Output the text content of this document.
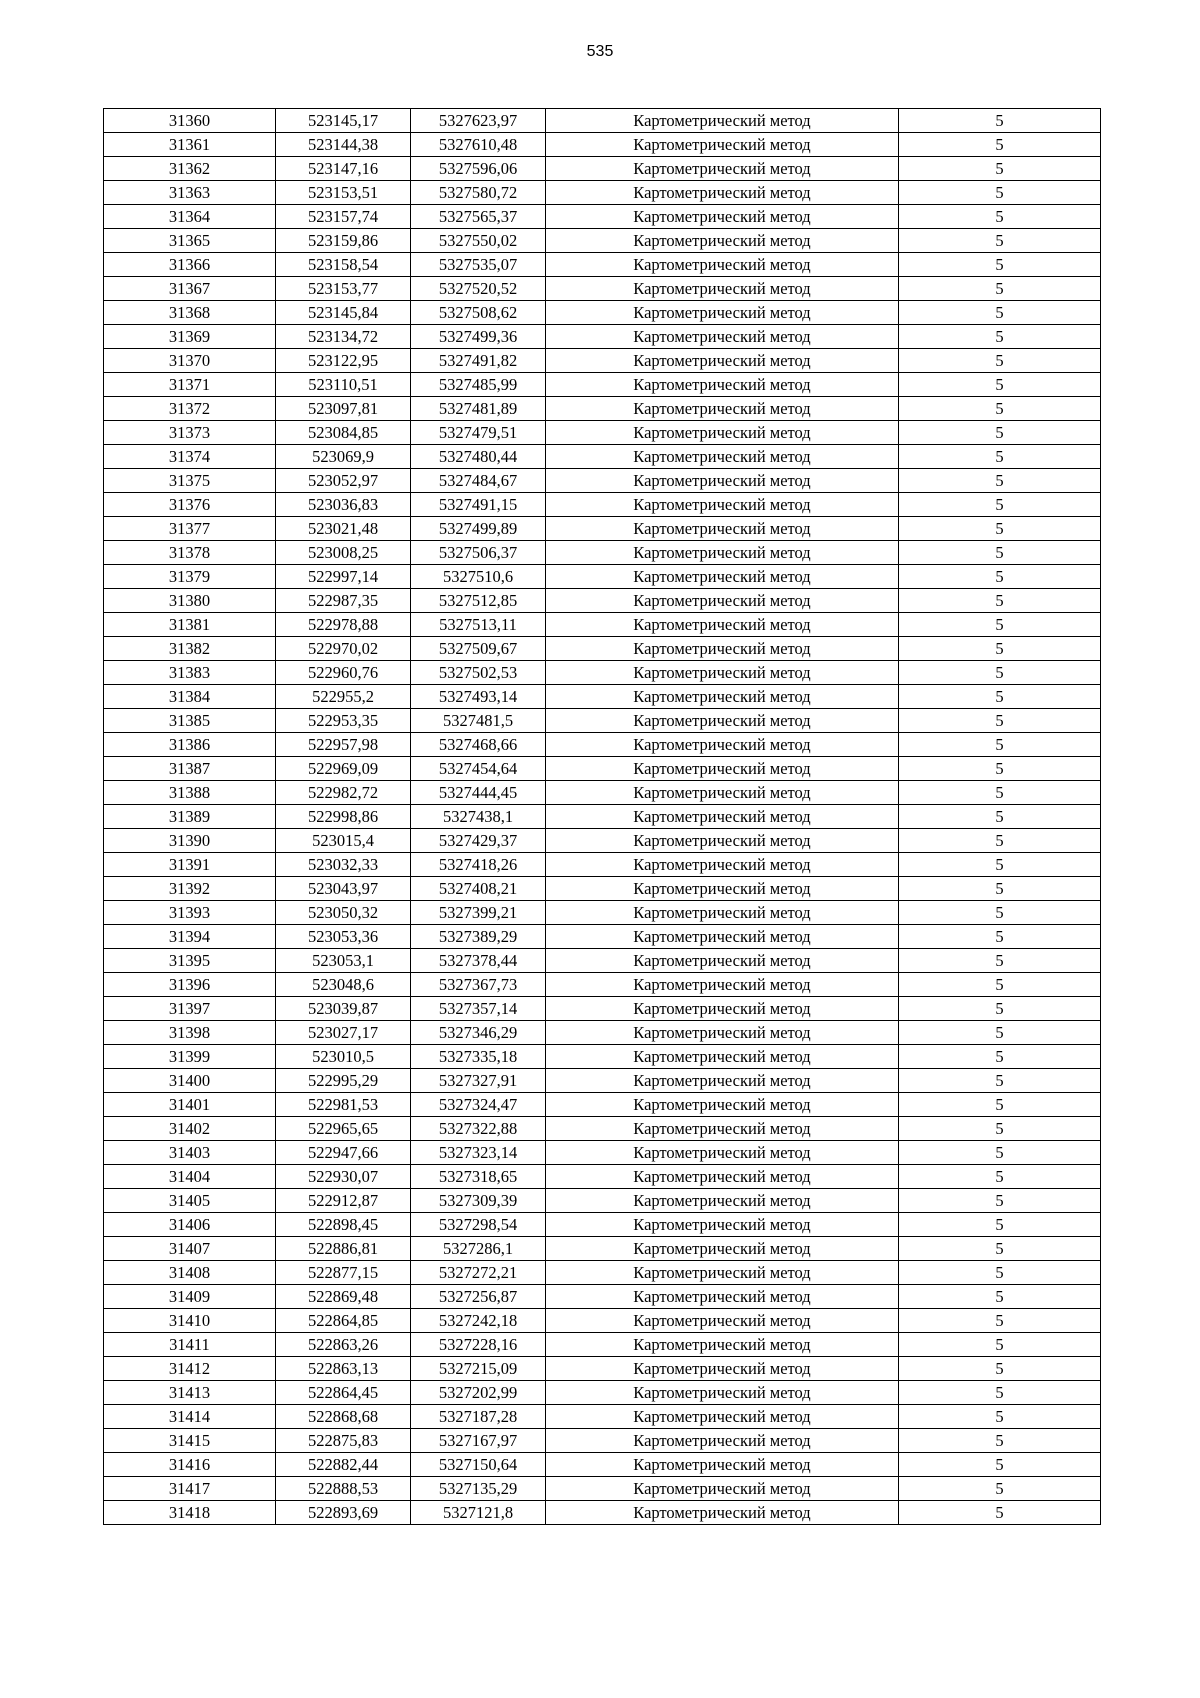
535
31360	523145,17	5327623,97	Картометрический метод	5
31361	523144,38	5327610,48	Картометрический метод	5
31362	523147,16	5327596,06	Картометрический метод	5
31363	523153,51	5327580,72	Картометрический метод	5
31364	523157,74	5327565,37	Картометрический метод	5
31365	523159,86	5327550,02	Картометрический метод	5
31366	523158,54	5327535,07	Картометрический метод	5
31367	523153,77	5327520,52	Картометрический метод	5
31368	523145,84	5327508,62	Картометрический метод	5
31369	523134,72	5327499,36	Картометрический метод	5
31370	523122,95	5327491,82	Картометрический метод	5
31371	523110,51	5327485,99	Картометрический метод	5
31372	523097,81	5327481,89	Картометрический метод	5
31373	523084,85	5327479,51	Картометрический метод	5
31374	523069,9	5327480,44	Картометрический метод	5
31375	523052,97	5327484,67	Картометрический метод	5
31376	523036,83	5327491,15	Картометрический метод	5
31377	523021,48	5327499,89	Картометрический метод	5
31378	523008,25	5327506,37	Картометрический метод	5
31379	522997,14	5327510,6	Картометрический метод	5
31380	522987,35	5327512,85	Картометрический метод	5
31381	522978,88	5327513,11	Картометрический метод	5
31382	522970,02	5327509,67	Картометрический метод	5
31383	522960,76	5327502,53	Картометрический метод	5
31384	522955,2	5327493,14	Картометрический метод	5
31385	522953,35	5327481,5	Картометрический метод	5
31386	522957,98	5327468,66	Картометрический метод	5
31387	522969,09	5327454,64	Картометрический метод	5
31388	522982,72	5327444,45	Картометрический метод	5
31389	522998,86	5327438,1	Картометрический метод	5
31390	523015,4	5327429,37	Картометрический метод	5
31391	523032,33	5327418,26	Картометрический метод	5
31392	523043,97	5327408,21	Картометрический метод	5
31393	523050,32	5327399,21	Картометрический метод	5
31394	523053,36	5327389,29	Картометрический метод	5
31395	523053,1	5327378,44	Картометрический метод	5
31396	523048,6	5327367,73	Картометрический метод	5
31397	523039,87	5327357,14	Картометрический метод	5
31398	523027,17	5327346,29	Картометрический метод	5
31399	523010,5	5327335,18	Картометрический метод	5
31400	522995,29	5327327,91	Картометрический метод	5
31401	522981,53	5327324,47	Картометрический метод	5
31402	522965,65	5327322,88	Картометрический метод	5
31403	522947,66	5327323,14	Картометрический метод	5
31404	522930,07	5327318,65	Картометрический метод	5
31405	522912,87	5327309,39	Картометрический метод	5
31406	522898,45	5327298,54	Картометрический метод	5
31407	522886,81	5327286,1	Картометрический метод	5
31408	522877,15	5327272,21	Картометрический метод	5
31409	522869,48	5327256,87	Картометрический метод	5
31410	522864,85	5327242,18	Картометрический метод	5
31411	522863,26	5327228,16	Картометрический метод	5
31412	522863,13	5327215,09	Картометрический метод	5
31413	522864,45	5327202,99	Картометрический метод	5
31414	522868,68	5327187,28	Картометрический метод	5
31415	522875,83	5327167,97	Картометрический метод	5
31416	522882,44	5327150,64	Картометрический метод	5
31417	522888,53	5327135,29	Картометрический метод	5
31418	522893,69	5327121,8	Картометрический метод	5
